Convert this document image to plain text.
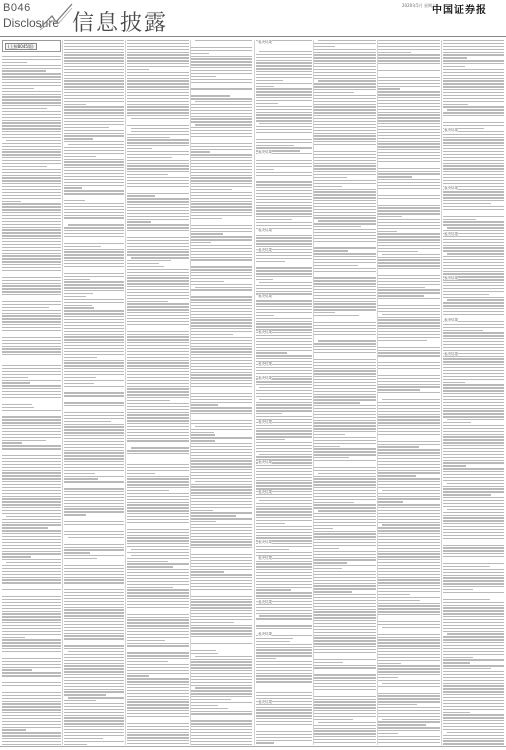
B046
Disclosure 信息披露
2020年5月 星期六
中国证券报
(上接B045版)
表决结果
表决结果
表决结果
表决结果
表决结果
表决结果
表决结果
表决结果
表决结果
表决结果
表决结果
表决结果
表决结果
表决结果
表决结果
表决结果
表决结果
表决结果
表决结果
表决结果
表决结果
表决结果
